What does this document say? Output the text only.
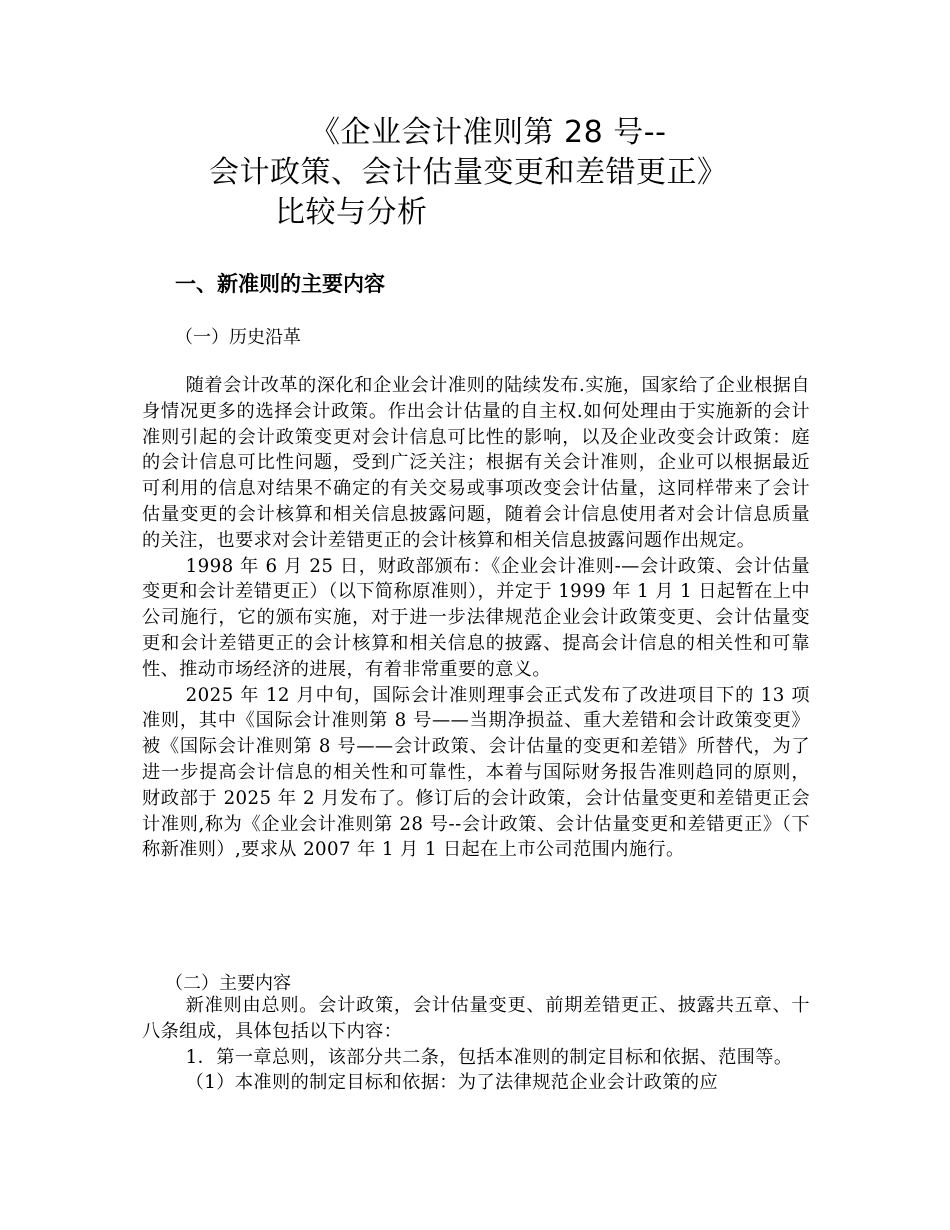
《企业会计准则第 28 号--
会计政策、会计估量变更和差错更正》
比较与分析
一、新准则的主要内容
（一）历史沿革

随着会计改革的深化和企业会计准则的陆续发布.实施，国家给了企业根据自身情况更多的选择会计政策。作出会计估量的自主权.如何处理由于实施新的会计准则引起的会计政策变更对会计信息可比性的影响，以及企业改变会计政策：庭的会计信息可比性问题，受到广泛关注；根据有关会计准则，企业可以根据最近可利用的信息对结果不确定的有关交易或事项改变会计估量，这同样带来了会计估量变更的会计核算和相关信息披露问题，随着会计信息使用者对会计信息质量的关注，也要求对会计差错更正的会计核算和相关信息披露问题作出规定。

1998 年 6 月 25 日，财政部颁布：《企业会计准则-—会计政策、会计估量变更和会计差错更正）（以下简称原准则），并定于 1999 年 1 月 1 日起暂在上中公司施行，它的颁布实施，对于进一步法律规范企业会计政策变更、会计估量变更和会计差错更正的会计核算和相关信息的披露、提高会计信息的相关性和可靠性、推动市场经济的进展，有着非常重要的意义。

2025 年 12 月中旬，国际会计准则理事会正式发布了改进项目下的 13 项准则，其中《国际会计准则第 8 号——当期净损益、重大差错和会计政策变更》被《国际会计准则第 8 号——会计政策、会计估量的变更和差错》所替代，为了进一步提高会计信息的相关性和可靠性，本着与国际财务报告准则趋同的原则，财政部于 2025 年 2 月发布了。修订后的会计政策，会计估量变更和差错更正会计准则,称为《企业会计准则第 28 号--会计政策、会计估量变更和差错更正》（下称新准则）,要求从 2007 年 1 月 1 日起在上市公司范围内施行。

（二）主要内容

新准则由总则。会计政策，会计估量变更、前期差错更正、披露共五章、十八条组成，具体包括以下内容：

1．第一章总则，该部分共二条，包括本准则的制定目标和依据、范围等。

（1）本准则的制定目标和依据：为了法律规范企业会计政策的应
